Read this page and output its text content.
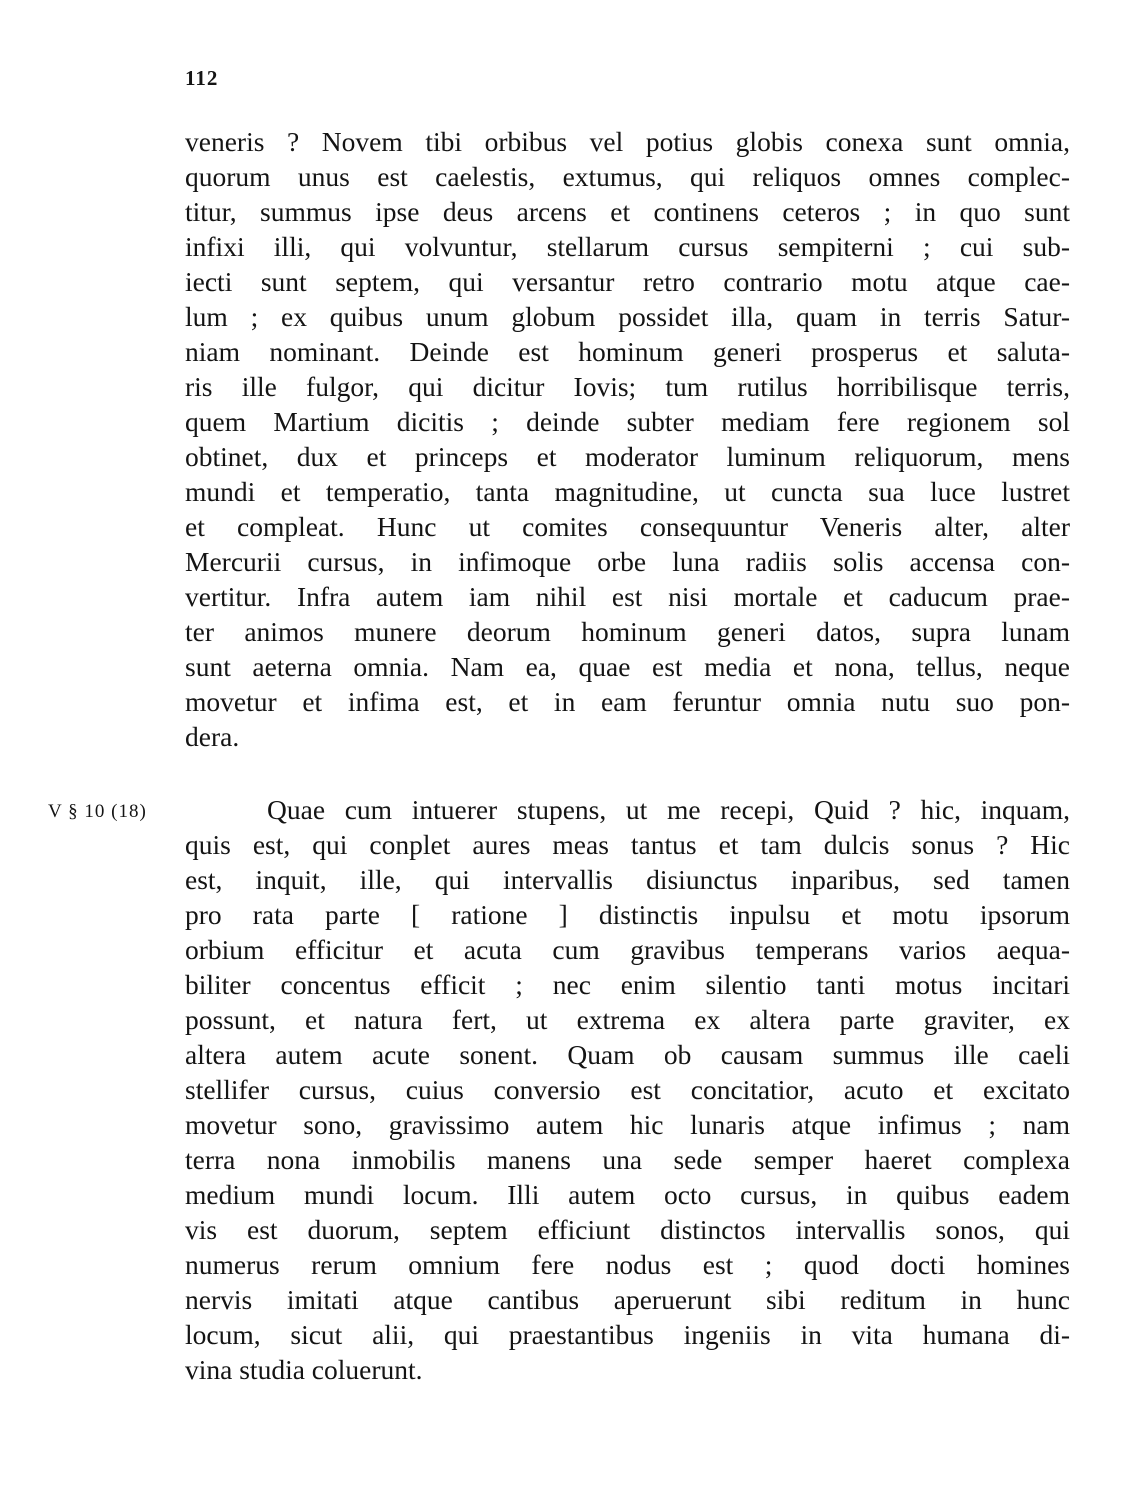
112
veneris ? Novem tibi orbibus vel potius globis conexa sunt omnia,
quorum unus est caelestis, extumus, qui reliquos omnes complec-
titur, summus ipse deus arcens et continens ceteros ; in quo sunt
infixi illi, qui volvuntur, stellarum cursus sempiterni ; cui sub-
iecti sunt septem, qui versantur retro contrario motu atque cae-
lum ; ex quibus unum globum possidet illa, quam in terris Satur-
niam nominant. Deinde est hominum generi prosperus et saluta-
ris ille fulgor, qui dicitur Iovis; tum rutilus horribilisque terris,
quem Martium dicitis ; deinde subter mediam fere regionem sol
obtinet, dux et princeps et moderator luminum reliquorum, mens
mundi et temperatio, tanta magnitudine, ut cuncta sua luce lustret
et compleat. Hunc ut comites consequuntur Veneris alter, alter
Mercurii cursus, in infimoque orbe luna radiis solis accensa con-
vertitur. Infra autem iam nihil est nisi mortale et caducum prae-
ter animos munere deorum hominum generi datos, supra lunam
sunt aeterna omnia. Nam ea, quae est media et nona, tellus, neque
movetur et infima est, et in eam feruntur omnia nutu suo pon-
dera.
V § 10 (18)	Quae cum intuerer stupens, ut me recepi, Quid ? hic, inquam,
quis est, qui conplet aures meas tantus et tam dulcis sonus ? Hic
est, inquit, ille, qui intervallis disiunctus inparibus, sed tamen
pro rata parte [ ratione ] distinctis inpulsu et motu ipsorum
orbium efficitur et acuta cum gravibus temperans varios aequa-
biliter concentus efficit ; nec enim silentio tanti motus incitari
possunt, et natura fert, ut extrema ex altera parte graviter, ex
altera autem acute sonent. Quam ob causam summus ille caeli
stellifer cursus, cuius conversio est concitatior, acuto et excitato
movetur sono, gravissimo autem hic lunaris atque infimus ; nam
terra nona inmobilis manens una sede semper haeret complexa
medium mundi locum. Illi autem octo cursus, in quibus eadem
vis est duorum, septem efficiunt distinctos intervallis sonos, qui
numerus rerum omnium fere nodus est ; quod docti homines
nervis imitati atque cantibus aperuerunt sibi reditum in hunc
locum, sicut alii, qui praestantibus ingeniis in vita humana di-
vina studia coluerunt.
